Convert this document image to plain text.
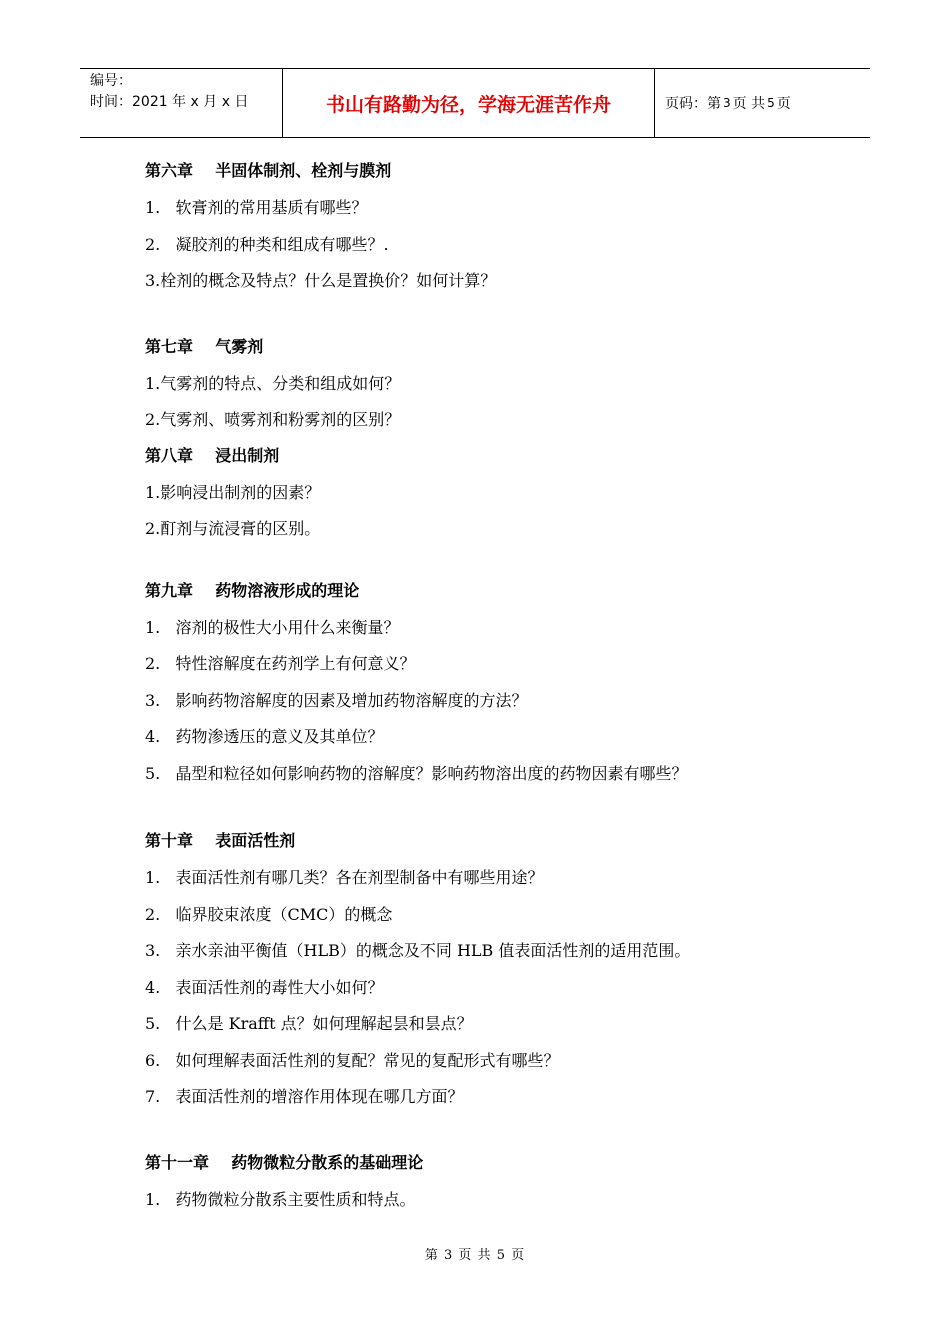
编号：
时间：2021 年 x 月 x 日	书山有路勤为径，学海无涯苦作舟	页码：第 3 页 共 5 页
第六章    半固体制剂、栓剂与膜剂
1.   软膏剂的常用基质有哪些？
2.   凝胶剂的种类和组成有哪些？.
3.栓剂的概念及特点？什么是置换价？如何计算？
第七章    气雾剂
1.气雾剂的特点、分类和组成如何？
2.气雾剂、喷雾剂和粉雾剂的区别？
第八章    浸出制剂
1.影响浸出制剂的因素？
2.酊剂与流浸膏的区别。
第九章    药物溶液形成的理论
1.   溶剂的极性大小用什么来衡量？
2.   特性溶解度在药剂学上有何意义？
3.   影响药物溶解度的因素及增加药物溶解度的方法？
4.   药物渗透压的意义及其单位？
5.   晶型和粒径如何影响药物的溶解度？影响药物溶出度的药物因素有哪些？
第十章    表面活性剂
1.   表面活性剂有哪几类？各在剂型制备中有哪些用途？
2.   临界胶束浓度（CMC）的概念
3.   亲水亲油平衡值（HLB）的概念及不同 HLB 值表面活性剂的适用范围。
4.   表面活性剂的毒性大小如何？
5.   什么是 Krafft 点？如何理解起昙和昙点？
6.   如何理解表面活性剂的复配？常见的复配形式有哪些？
7.   表面活性剂的增溶作用体现在哪几方面？
第十一章    药物微粒分散系的基础理论
1.   药物微粒分散系主要性质和特点。
第 3 页 共 5 页
